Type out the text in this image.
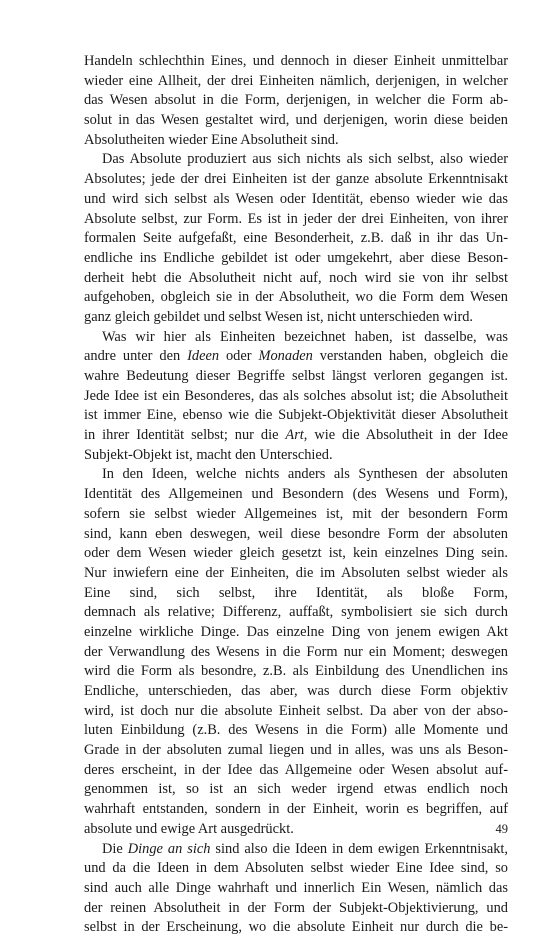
Handeln schlechthin Eines, und dennoch in dieser Einheit unmittelbar
wieder eine Allheit, der drei Einheiten nämlich, derjenigen, in welcher
das Wesen absolut in die Form, derjenigen, in welcher die Form ab-
solut in das Wesen gestaltet wird, und derjenigen, worin diese beiden
Absolutheiten wieder Eine Absolutheit sind.
Das Absolute produziert aus sich nichts als sich selbst, also wieder
Absolutes; jede der drei Einheiten ist der ganze absolute Erkenntnisakt
und wird sich selbst als Wesen oder Identität, ebenso wieder wie das
Absolute selbst, zur Form. Es ist in jeder der drei Einheiten, von ihrer
formalen Seite aufgefaßt, eine Besonderheit, z.B. daß in ihr das Un-
endliche ins Endliche gebildet ist oder umgekehrt, aber diese Beson-
derheit hebt die Absolutheit nicht auf, noch wird sie von ihr selbst
aufgehoben, obgleich sie in der Absolutheit, wo die Form dem Wesen
ganz gleich gebildet und selbst Wesen ist, nicht unterschieden wird.
Was wir hier als Einheiten bezeichnet haben, ist dasselbe, was
andre unter den Ideen oder Monaden verstanden haben, obgleich die
wahre Bedeutung dieser Begriffe selbst längst verloren gegangen ist.
Jede Idee ist ein Besonderes, das als solches absolut ist; die Absolutheit
ist immer Eine, ebenso wie die Subjekt-Objektivität dieser Absolutheit
in ihrer Identität selbst; nur die Art, wie die Absolutheit in der Idee
Subjekt-Objekt ist, macht den Unterschied.
In den Ideen, welche nichts anders als Synthesen der absoluten
Identität des Allgemeinen und Besondern (des Wesens und Form),
sofern sie selbst wieder Allgemeines ist, mit der besondern Form
sind, kann eben deswegen, weil diese besondre Form der absoluten
oder dem Wesen wieder gleich gesetzt ist, kein einzelnes Ding sein.
Nur inwiefern eine der Einheiten, die im Absoluten selbst wieder als
Eine sind, sich selbst, ihre Identität, als bloße Form,
demnach als relative; Differenz, auffaßt, symbolisiert sie sich durch
einzelne wirkliche Dinge. Das einzelne Ding von jenem ewigen Akt
der Verwandlung des Wesens in die Form nur ein Moment; deswegen
wird die Form als besondre, z.B. als Einbildung des Unendlichen ins
Endliche, unterschieden, das aber, was durch diese Form objektiv
wird, ist doch nur die absolute Einheit selbst. Da aber von der abso-
luten Einbildung (z.B. des Wesens in die Form) alle Momente und
Grade in der absoluten zumal liegen und in alles, was uns als Beson-
deres erscheint, in der Idee das Allgemeine oder Wesen absolut auf-
genommen ist, so ist an sich weder irgend etwas endlich noch
wahrhaft entstanden, sondern in der Einheit, worin es begriffen, auf
absolute und ewige Art ausgedrückt.
Die Dinge an sich sind also die Ideen in dem ewigen Erkenntnisakt,
und da die Ideen in dem Absoluten selbst wieder Eine Idee sind, so
sind auch alle Dinge wahrhaft und innerlich Ein Wesen, nämlich das
der reinen Absolutheit in der Form der Subjekt-Objektivierung, und
selbst in der Erscheinung, wo die absolute Einheit nur durch die be-
49
